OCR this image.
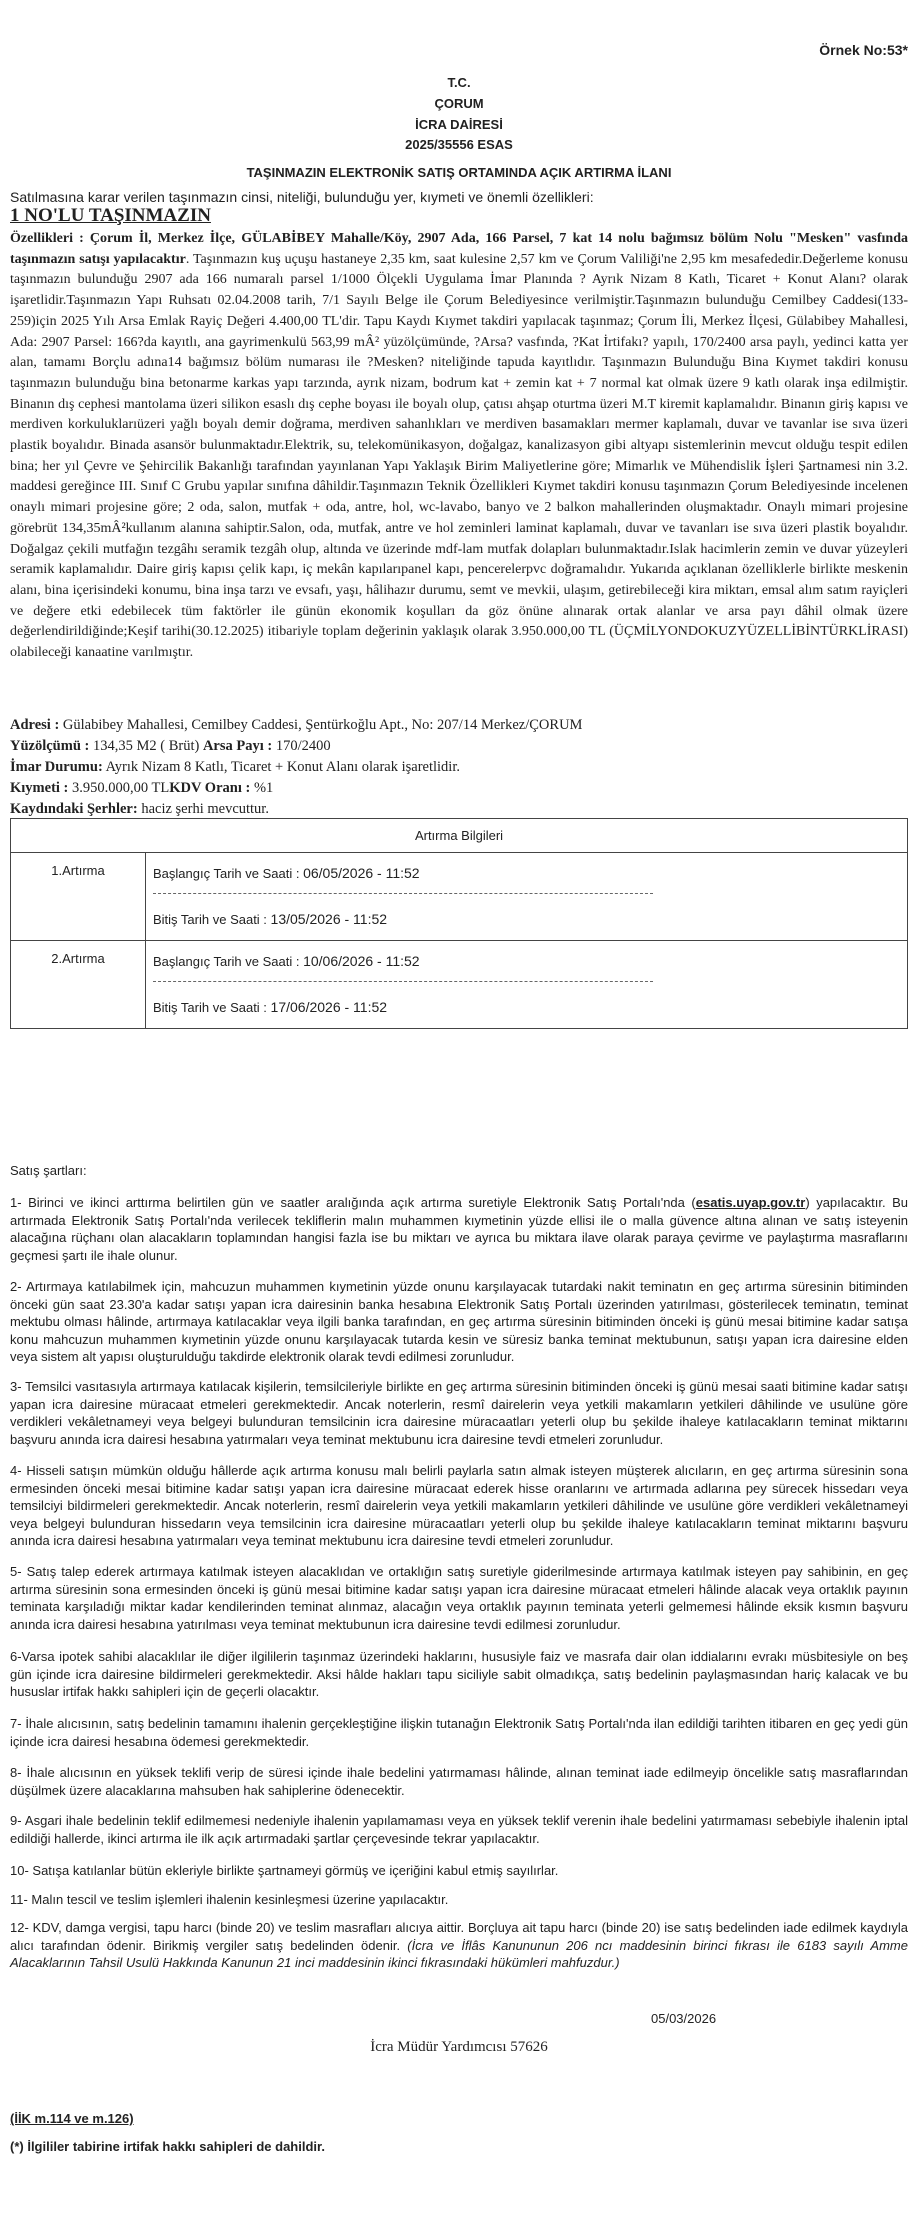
Örnek No:53*
T.C.
ÇORUM
İCRA DAİRESİ
2025/35556 ESAS
TAŞINMAZIN ELEKTRONİK SATIŞ ORTAMINDA AÇIK ARTIRMA İLANI
Satılmasına karar verilen taşınmazın cinsi, niteliği, bulunduğu yer, kıymeti ve önemli özellikleri:
1 NO'LU TAŞINMAZIN
Özellikleri : Çorum İl, Merkez İlçe, GÜLABİBEY Mahalle/Köy, 2907 Ada, 166 Parsel, 7 kat 14 nolu bağımsız bölüm Nolu "Mesken" vasfında taşınmazın satışı yapılacaktır. Taşınmazın kuş uçuşu hastaneye 2,35 km, saat kulesine 2,57 km ve Çorum Valiliği'ne 2,95 km mesafededir.Değerleme konusu taşınmazın bulunduğu 2907 ada 166 numaralı parsel 1/1000 Ölçekli Uygulama İmar Planında ? Ayrık Nizam 8 Katlı, Ticaret + Konut Alanı? olarak işaretlidir.Taşınmazın Yapı Ruhsatı 02.04.2008 tarih, 7/1 Sayılı Belge ile Çorum Belediyesince verilmiştir.Taşınmazın bulunduğu Cemilbey Caddesi(133-259)için 2025 Yılı Arsa Emlak Rayiç Değeri 4.400,00 TL'dir. Tapu Kaydı Kıymet takdiri yapılacak taşınmaz; Çorum İli, Merkez İlçesi, Gülabibey Mahallesi, Ada: 2907 Parsel: 166?da kayıtlı, ana gayrimenkulü 563,99 mÂ² yüzölçümünde, ?Arsa? vasfında, ?Kat İrtifakı? yapılı, 170/2400 arsa paylı, yedinci katta yer alan, tamamı Borçlu adına14 bağımsız bölüm numarası ile ?Mesken? niteliğinde tapuda kayıtlıdır. Taşınmazın Bulunduğu Bina Kıymet takdiri konusu taşınmazın bulunduğu bina betonarme karkas yapı tarzında, ayrık nizam, bodrum kat + zemin kat + 7 normal kat olmak üzere 9 katlı olarak inşa edilmiştir. Binanın dış cephesi mantolama üzeri silikon esaslı dış cephe boyası ile boyalı olup, çatısı ahşap oturtma üzeri M.T kiremit kaplamalıdır. Binanın giriş kapısı ve merdiven korkuluklarıüzeri yağlı boyalı demir doğrama, merdiven sahanlıkları ve merdiven basamakları mermer kaplamalı, duvar ve tavanlar ise sıva üzeri plastik boyalıdır. Binada asansör bulunmaktadır.Elektrik, su, telekomünikasyon, doğalgaz, kanalizasyon gibi altyapı sistemlerinin mevcut olduğu tespit edilen bina; her yıl Çevre ve Şehircilik Bakanlığı tarafından yayınlanan Yapı Yaklaşık Birim Maliyetlerine göre; Mimarlık ve Mühendislik İşleri Şartnamesi nin 3.2. maddesi gereğince III. Sınıf C Grubu yapılar sınıfına dâhildir.Taşınmazın Teknik Özellikleri Kıymet takdiri konusu taşınmazın Çorum Belediyesinde incelenen onaylı mimari projesine göre; 2 oda, salon, mutfak + oda, antre, hol, wc-lavabo, banyo ve 2 balkon mahallerinden oluşmaktadır. Onaylı mimari projesine görebrüt 134,35mÂ²kullanım alanına sahiptir.Salon, oda, mutfak, antre ve hol zeminleri laminat kaplamalı, duvar ve tavanları ise sıva üzeri plastik boyalıdır. Doğalgaz çekili mutfağın tezgâhı seramik tezgâh olup, altında ve üzerinde mdf-lam mutfak dolapları bulunmaktadır.Islak hacimlerin zemin ve duvar yüzeyleri seramik kaplamalıdır. Daire giriş kapısı çelik kapı, iç mekân kapılarıpanel kapı, pencerelerpvc doğramalıdır. Yukarıda açıklanan özelliklerle birlikte meskenin alanı, bina içerisindeki konumu, bina inşa tarzı ve evsafı, yaşı, hâlihazır durumu, semt ve mevkii, ulaşım, getirebileceği kira miktarı, emsal alım satım rayiçleri ve değere etki edebilecek tüm faktörler ile günün ekonomik koşulları da göz önüne alınarak ortak alanlar ve arsa payı dâhil olmak üzere değerlendirildiğinde;Keşif tarihi(30.12.2025) itibariyle toplam değerinin yaklaşık olarak 3.950.000,00 TL (ÜÇMİLYONDOKUZYÜZELLİBİNTÜRKLİRASI) olabileceği kanaatine varılmıştır.
Adresi : Gülabibey Mahallesi, Cemilbey Caddesi, Şentürkoğlu Apt., No: 207/14 Merkez/ÇORUM
Yüzölçümü : 134,35 M2 ( Brüt) Arsa Payı : 170/2400
İmar Durumu: Ayrık Nizam 8 Katlı, Ticaret + Konut Alanı olarak işaretlidir.
Kıymeti : 3.950.000,00 TLKDV Oranı : %1
Kaydındaki Şerhler: haciz şerhi mevcuttur.
Artırma Bilgileri
1.Artırma	Başlangıç Tarih ve Saati : 06/05/2026 - 11:52
Bitiş Tarih ve Saati : 13/05/2026 - 11:52
2.Artırma	Başlangıç Tarih ve Saati : 10/06/2026 - 11:52
Bitiş Tarih ve Saati : 17/06/2026 - 11:52
Satış şartları:
1- Birinci ve ikinci arttırma belirtilen gün ve saatler aralığında açık artırma suretiyle Elektronik Satış Portalı'nda (esatis.uyap.gov.tr) yapılacaktır. Bu artırmada Elektronik Satış Portalı'nda verilecek tekliflerin malın muhammen kıymetinin yüzde ellisi ile o malla güvence altına alınan ve satış isteyenin alacağına rüçhanı olan alacakların toplamından hangisi fazla ise bu miktarı ve ayrıca bu miktara ilave olarak paraya çevirme ve paylaştırma masraflarını geçmesi şartı ile ihale olunur.
2- Artırmaya katılabilmek için, mahcuzun muhammen kıymetinin yüzde onunu karşılayacak tutardaki nakit teminatın en geç artırma süresinin bitiminden önceki gün saat 23.30'a kadar satışı yapan icra dairesinin banka hesabına Elektronik Satış Portalı üzerinden yatırılması, gösterilecek teminatın, teminat mektubu olması hâlinde, artırmaya katılacaklar veya ilgili banka tarafından, en geç artırma süresinin bitiminden önceki iş günü mesai bitimine kadar satışa konu mahcuzun muhammen kıymetinin yüzde onunu karşılayacak tutarda kesin ve süresiz banka teminat mektubunun, satışı yapan icra dairesine elden veya sistem alt yapısı oluşturulduğu takdirde elektronik olarak tevdi edilmesi zorunludur.
3- Temsilci vasıtasıyla artırmaya katılacak kişilerin, temsilcileriyle birlikte en geç artırma süresinin bitiminden önceki iş günü mesai saati bitimine kadar satışı yapan icra dairesine müracaat etmeleri gerekmektedir. Ancak noterlerin, resmî dairelerin veya yetkili makamların yetkileri dâhilinde ve usulüne göre verdikleri vekâletnameyi veya belgeyi bulunduran temsilcinin icra dairesine müracaatları yeterli olup bu şekilde ihaleye katılacakların teminat miktarını başvuru anında icra dairesi hesabına yatırmaları veya teminat mektubunu icra dairesine tevdi etmeleri zorunludur.
4- Hisseli satışın mümkün olduğu hâllerde açık artırma konusu malı belirli paylarla satın almak isteyen müşterek alıcıların, en geç artırma süresinin sona ermesinden önceki mesai bitimine kadar satışı yapan icra dairesine müracaat ederek hisse oranlarını ve artırmada adlarına pey sürecek hissedarı veya temsilciyi bildirmeleri gerekmektedir. Ancak noterlerin, resmî dairelerin veya yetkili makamların yetkileri dâhilinde ve usulüne göre verdikleri vekâletnameyi veya belgeyi bulunduran hissedarın veya temsilcinin icra dairesine müracaatları yeterli olup bu şekilde ihaleye katılacakların teminat miktarını başvuru anında icra dairesi hesabına yatırmaları veya teminat mektubunu icra dairesine tevdi etmeleri zorunludur.
5- Satış talep ederek artırmaya katılmak isteyen alacaklıdan ve ortaklığın satış suretiyle giderilmesinde artırmaya katılmak isteyen pay sahibinin, en geç artırma süresinin sona ermesinden önceki iş günü mesai bitimine kadar satışı yapan icra dairesine müracaat etmeleri hâlinde alacak veya ortaklık payının teminata karşıladığı miktar kadar kendilerinden teminat alınmaz, alacağın veya ortaklık payının teminata yeterli gelmemesi hâlinde eksik kısmın başvuru anında icra dairesi hesabına yatırılması veya teminat mektubunun icra dairesine tevdi edilmesi zorunludur.
6-Varsa ipotek sahibi alacaklılar ile diğer ilgililerin taşınmaz üzerindeki haklarını, hususiyle faiz ve masrafa dair olan iddialarını evrakı müsbitesiyle on beş gün içinde icra dairesine bildirmeleri gerekmektedir. Aksi hâlde hakları tapu siciliyle sabit olmadıkça, satış bedelinin paylaşmasından hariç kalacak ve bu hususlar irtifak hakkı sahipleri için de geçerli olacaktır.
7- İhale alıcısının, satış bedelinin tamamını ihalenin gerçekleştiğine ilişkin tutanağın Elektronik Satış Portalı'nda ilan edildiği tarihten itibaren en geç yedi gün içinde icra dairesi hesabına ödemesi gerekmektedir.
8- İhale alıcısının en yüksek teklifi verip de süresi içinde ihale bedelini yatırmaması hâlinde, alınan teminat iade edilmeyip öncelikle satış masraflarından düşülmek üzere alacaklarına mahsuben hak sahiplerine ödenecektir.
9- Asgari ihale bedelinin teklif edilmemesi nedeniyle ihalenin yapılamaması veya en yüksek teklif verenin ihale bedelini yatırmaması sebebiyle ihalenin iptal edildiği hallerde, ikinci artırma ile ilk açık artırmadaki şartlar çerçevesinde tekrar yapılacaktır.
10- Satışa katılanlar bütün ekleriyle birlikte şartnameyi görmüş ve içeriğini kabul etmiş sayılırlar.
11- Malın tescil ve teslim işlemleri ihalenin kesinleşmesi üzerine yapılacaktır.
12- KDV, damga vergisi, tapu harcı (binde 20) ve teslim masrafları alıcıya aittir. Borçluya ait tapu harcı (binde 20) ise satış bedelinden iade edilmek kaydıyla alıcı tarafından ödenir. Birikmiş vergiler satış bedelinden ödenir. (İcra ve İflâs Kanununun 206 ncı maddesinin birinci fıkrası ile 6183 sayılı Amme Alacaklarının Tahsil Usulü Hakkında Kanunun 21 inci maddesinin ikinci fıkrasındaki hükümleri mahfuzdur.)
05/03/2026
İcra Müdür Yardımcısı 57626
(İİK m.114 ve m.126)
(*) İlgililer tabirine irtifak hakkı sahipleri de dahildir.
